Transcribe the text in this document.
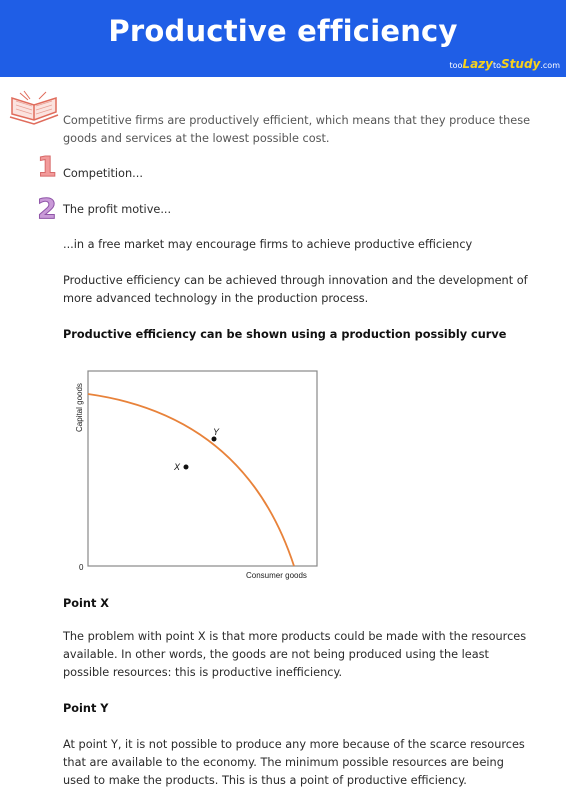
Productive efficiency
tooLazytoStudy.com
Competitive firms are productively efficient, which means that they produce these goods and services at the lowest possible cost.
1 Competition...
2 The profit motive...
...in a free market may encourage firms to achieve productive efficiency
Productive efficiency can be achieved through innovation and the development of more advanced technology in the production process.
Productive efficiency can be shown using a production possibly curve
Y
X
0
Consumer goods
Capital goods
Point X
The problem with point X is that more products could be made with the resources available. In other words, the goods are not being produced using the least possible resources: this is productive inefficiency.
Point Y
At point Y, it is not possible to produce any more because of the scarce resources that are available to the economy. The minimum possible resources are being used to make the products. This is thus a point of productive efficiency.
